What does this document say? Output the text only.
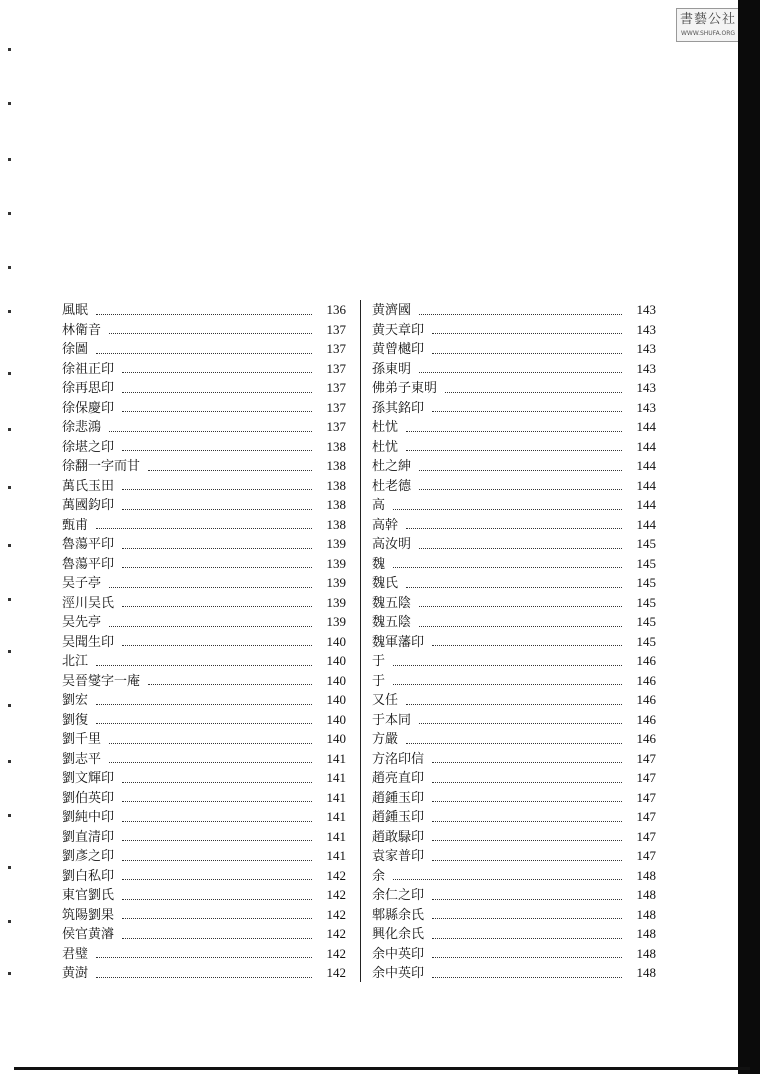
書藝公社
WWW.SHUFA.ORG
風眠	136
林衛音	137
徐圖	137
徐祖正印	137
徐再思印	137
徐保慶印	137
徐悲鴻	137
徐堪之印	138
徐翻一字而甘	138
萬氏玉田	138
萬國鈞印	138
甄甫	138
魯蕩平印	139
魯蕩平印	139
吴子亭	139
涇川吴氏	139
吴先亭	139
吴聞生印	140
北江	140
吴晉燮字一庵	140
劉宏	140
劉復	140
劉千里	140
劉志平	141
劉文輝印	141
劉伯英印	141
劉純中印	141
劉直清印	141
劉彥之印	141
劉白私印	142
東官劉氏	142
筑陽劉果	142
侯官黄濬	142
君璧	142
黄澍	142
黄濟國	143
黄天章印	143
黄曾樾印	143
孫東明	143
佛弟子東明	143
孫其銘印	143
杜忧	144
杜忧	144
杜之紳	144
杜老德	144
高	144
高幹	144
高汝明	145
魏	145
魏氏	145
魏五陰	145
魏五陰	145
魏軍藩印	145
于	146
于	146
又任	146
于本同	146
方嚴	146
方洺印信	147
趙亮直印	147
趙鍾玉印	147
趙鍾玉印	147
趙敢騄印	147
袁家普印	147
余	148
余仁之印	148
郫縣余氏	148
興化余氏	148
余中英印	148
余中英印	148
